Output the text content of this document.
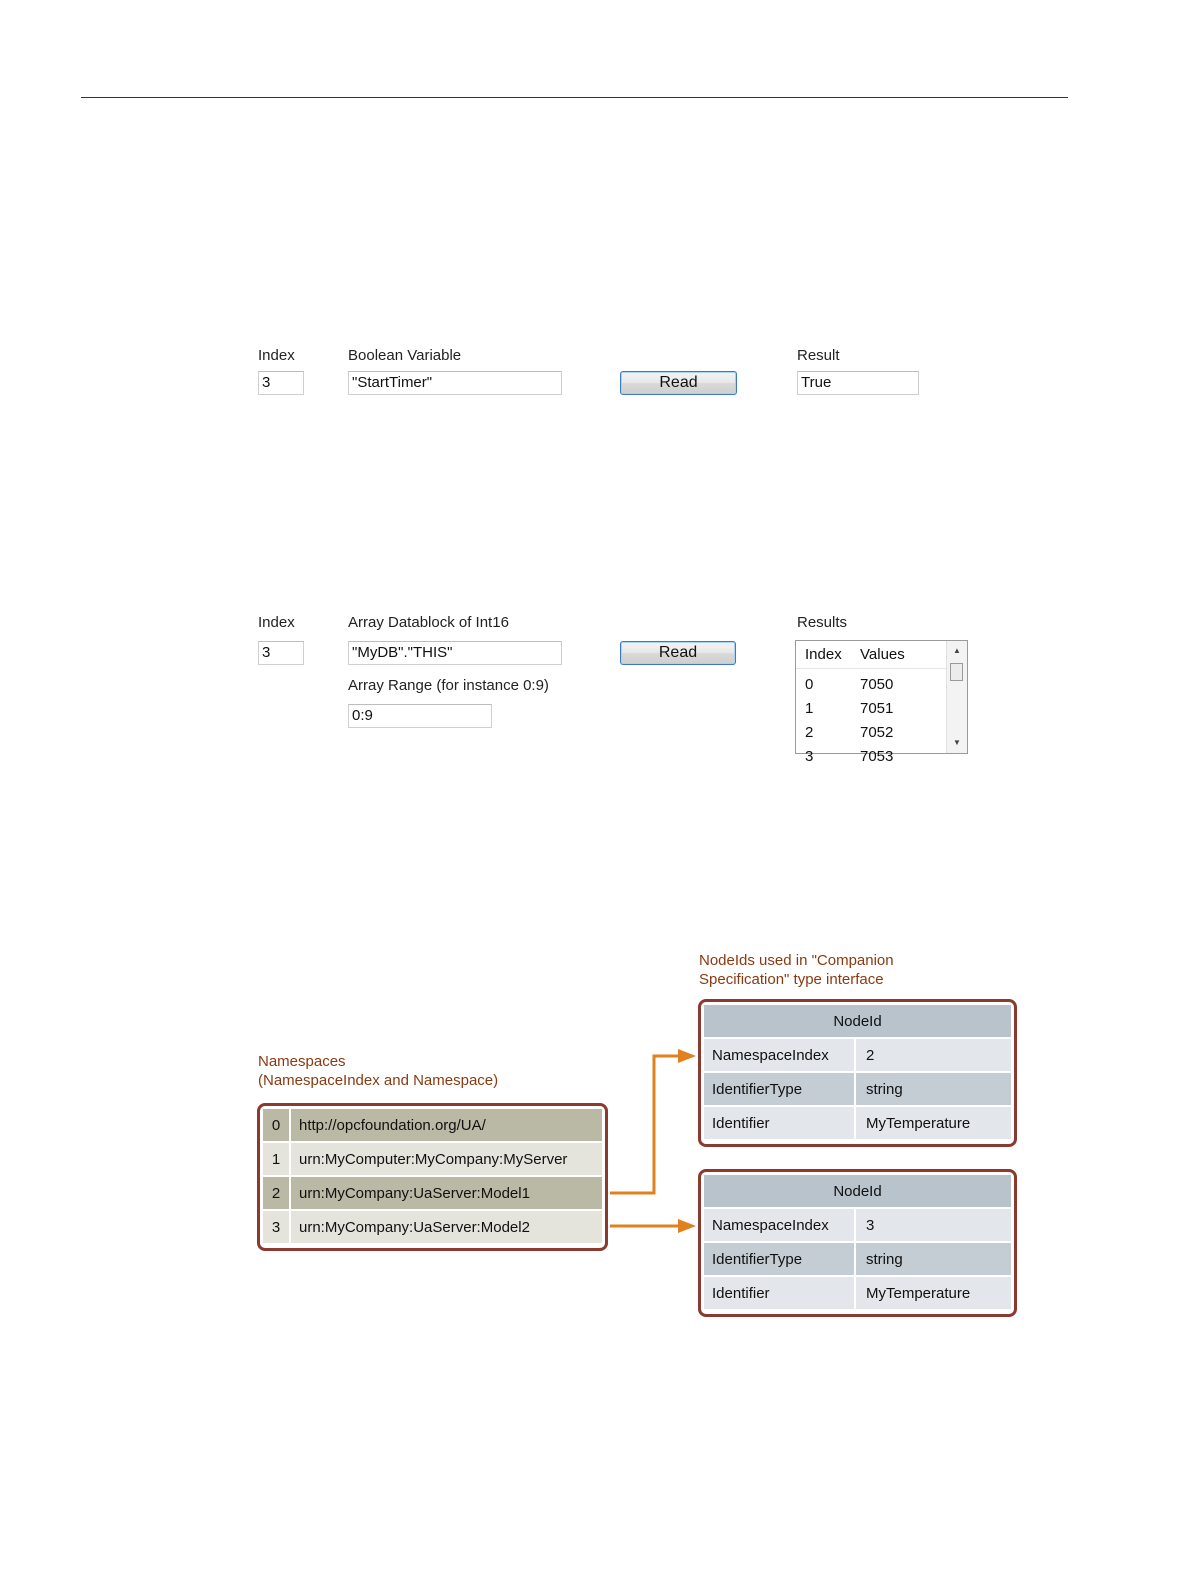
Index
3
Boolean Variable
"StartTimer"	Read
Result
True
Index
3
Array Datablock of Int16
"MyDB"."THIS"
Array Range (for instance 0:9)
0:9
Read
Results
Index Values
0	7050
1	7051
2	7052
3	7053
▲
▼
NodeIds used in "Companion
Specification" type interface
Namespaces
(NamespaceIndex and Namespace)
0	http://opcfoundation.org/UA/
1	urn:MyComputer:MyCompany:MyServer
2	urn:MyCompany:UaServer:Model1
3	urn:MyCompany:UaServer:Model2
NodeId
NamespaceIndex	2
IdentifierType	string
Identifier	MyTemperature
NodeId
NamespaceIndex	3
IdentifierType	string
Identifier	MyTemperature
